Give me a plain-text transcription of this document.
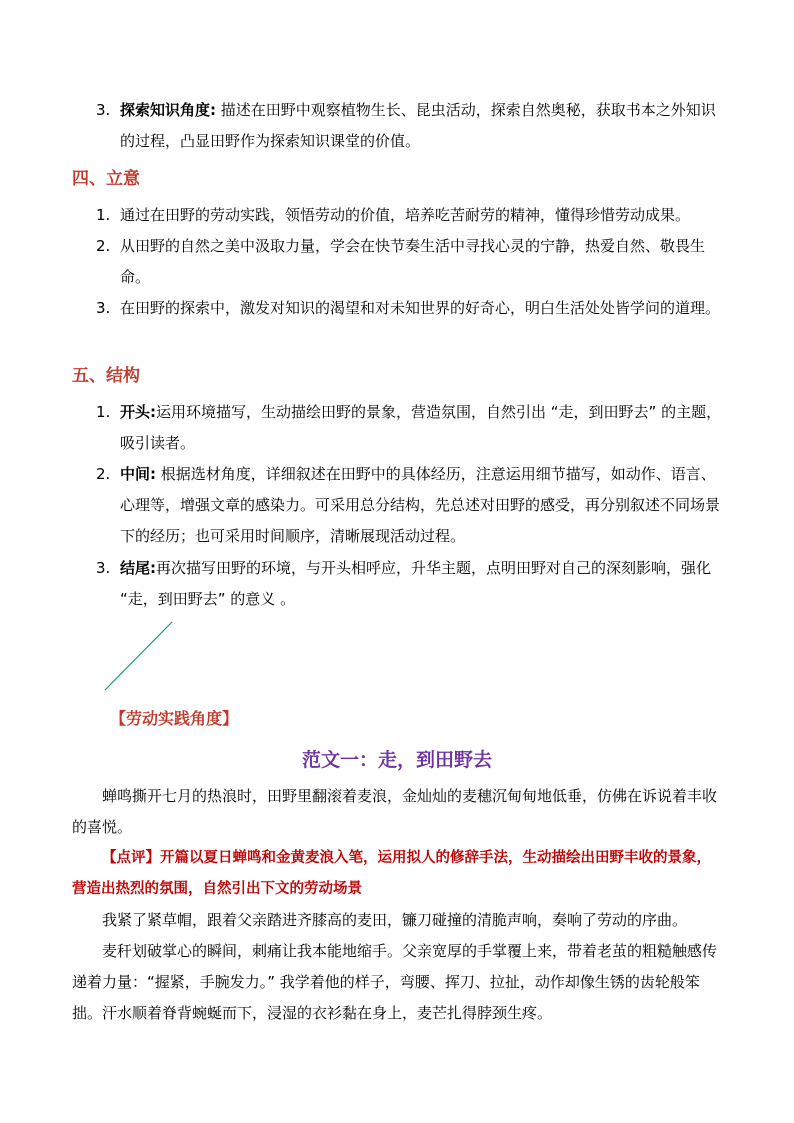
3. 探索知识角度: 描述在田野中观察植物生长、昆虫活动，探索自然奥秘，获取书本之外知识的过程，凸显田野作为探索知识课堂的价值。
四、立意
1. 通过在田野的劳动实践，领悟劳动的价值，培养吃苦耐劳的精神，懂得珍惜劳动成果。
2. 从田野的自然之美中汲取力量，学会在快节奏生活中寻找心灵的宁静，热爱自然、敬畏生命。
3. 在田野的探索中，激发对知识的渴望和对未知世界的好奇心，明白生活处处皆学问的道理。
五、结构
1. 开头:运用环境描写，生动描绘田野的景象，营造氛围，自然引出 “走，到田野去” 的主题，吸引读者。
2. 中间: 根据选材角度，详细叙述在田野中的具体经历，注意运用细节描写，如动作、语言、心理等，增强文章的感染力。可采用总分结构，先总述对田野的感受，再分别叙述不同场景下的经历；也可采用时间顺序，清晰展现活动过程。
3. 结尾:再次描写田野的环境，与开头相呼应，升华主题，点明田野对自己的深刻影响，强化 “走，到田野去” 的意义 。
【劳动实践角度】
范文一：走，到田野去
蝉鸣撕开七月的热浪时，田野里翻滚着麦浪，金灿灿的麦穗沉甸甸地低垂，仿佛在诉说着丰收的喜悦。
【点评】开篇以夏日蝉鸣和金黄麦浪入笔，运用拟人的修辞手法，生动描绘出田野丰收的景象，营造出热烈的氛围，自然引出下文的劳动场景
我紧了紧草帽，跟着父亲踏进齐膝高的麦田，镰刀碰撞的清脆声响，奏响了劳动的序曲。
麦秆划破掌心的瞬间，刺痛让我本能地缩手。父亲宽厚的手掌覆上来，带着老茧的粗糙触感传递着力量：“握紧，手腕发力。” 我学着他的样子，弯腰、挥刀、拉扯，动作却像生锈的齿轮般笨拙。汗水顺着脊背蜿蜒而下，浸湿的衣衫黏在身上，麦芒扎得脖颈生疼。
